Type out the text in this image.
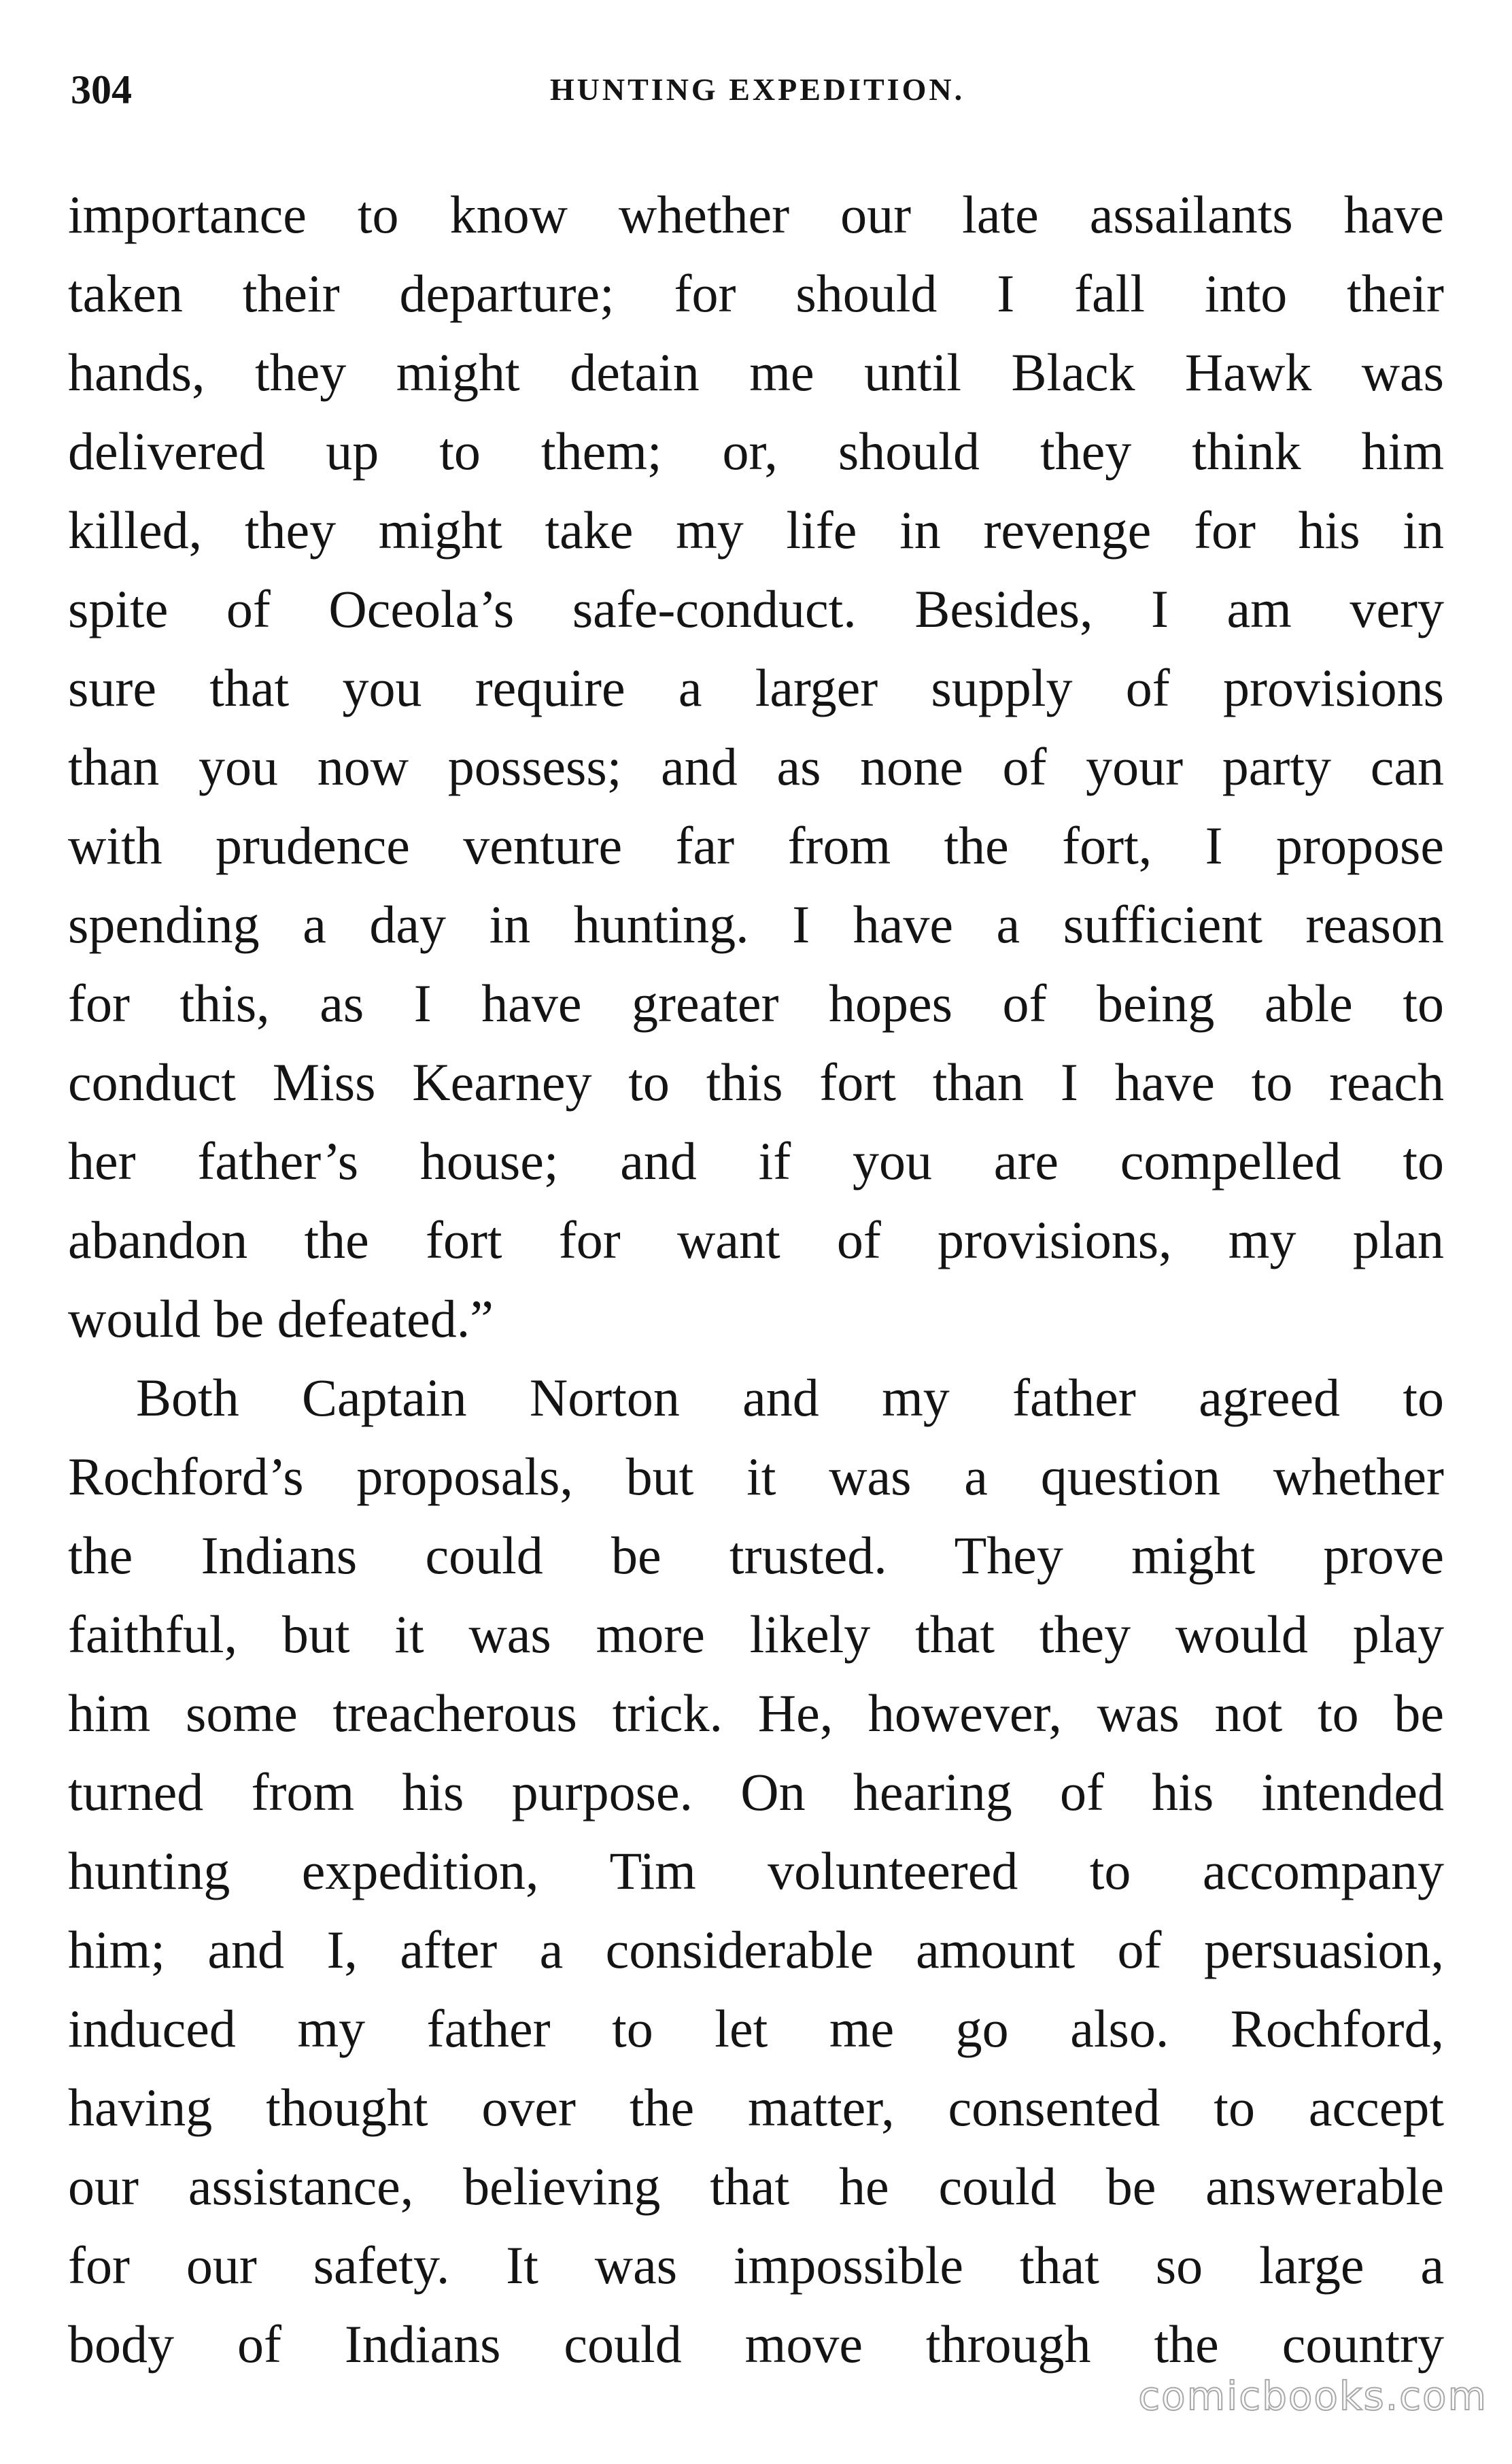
304	HUNTING EXPEDITION.
importance to know whether our late assailants have
taken their departure; for should I fall into their
hands, they might detain me until Black Hawk was
delivered up to them; or, should they think him
killed, they might take my life in revenge for his in
spite of Oceola’s safe-conduct. Besides, I am very
sure that you require a larger supply of provisions
than you now possess; and as none of your party can
with prudence venture far from the fort, I propose
spending a day in hunting. I have a sufficient reason
for this, as I have greater hopes of being able to
conduct Miss Kearney to this fort than I have to reach
her father’s house; and if you are compelled to
abandon the fort for want of provisions, my plan
would be defeated.”
Both Captain Norton and my father agreed to
Rochford’s proposals, but it was a question whether
the Indians could be trusted. They might prove
faithful, but it was more likely that they would play
him some treacherous trick. He, however, was not to be
turned from his purpose. On hearing of his intended
hunting expedition, Tim volunteered to accompany
him; and I, after a considerable amount of persuasion,
induced my father to let me go also. Rochford,
having thought over the matter, consented to accept
our assistance, believing that he could be answerable
for our safety. It was impossible that so large a
body of Indians could move through the country
comicbooks.com
